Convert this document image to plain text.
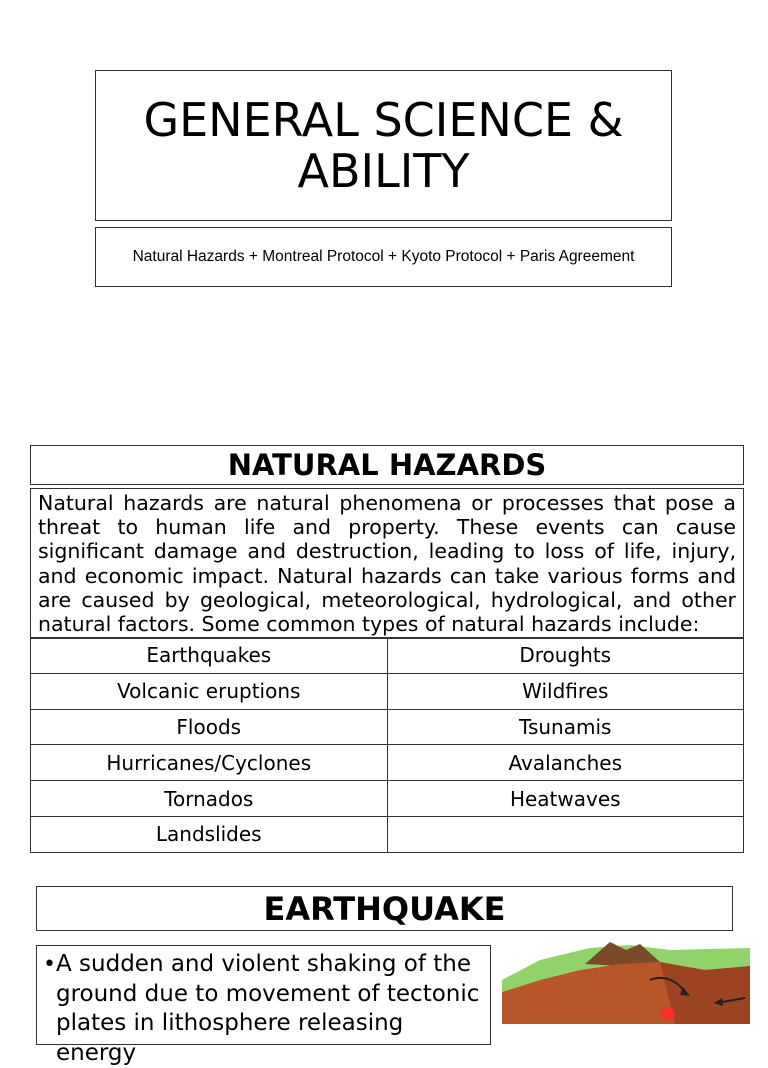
GENERAL SCIENCE & ABILITY
Natural Hazards + Montreal Protocol + Kyoto Protocol + Paris Agreement
NATURAL HAZARDS

Natural hazards are natural phenomena or processes that pose a threat to human life and property. These events can cause significant damage and destruction, leading to loss of life, injury, and economic impact. Natural hazards can take various forms and are caused by geological, meteorological, hydrological, and other natural factors. Some common types of natural hazards include:

Earthquakes	Droughts
Volcanic eruptions	Wildfires
Floods	Tsunamis
Hurricanes/Cyclones	Avalanches
Tornados	Heatwaves
Landslides	
EARTHQUAKE
• A sudden and violent shaking of the ground due to movement of tectonic plates in lithosphere releasing energy
